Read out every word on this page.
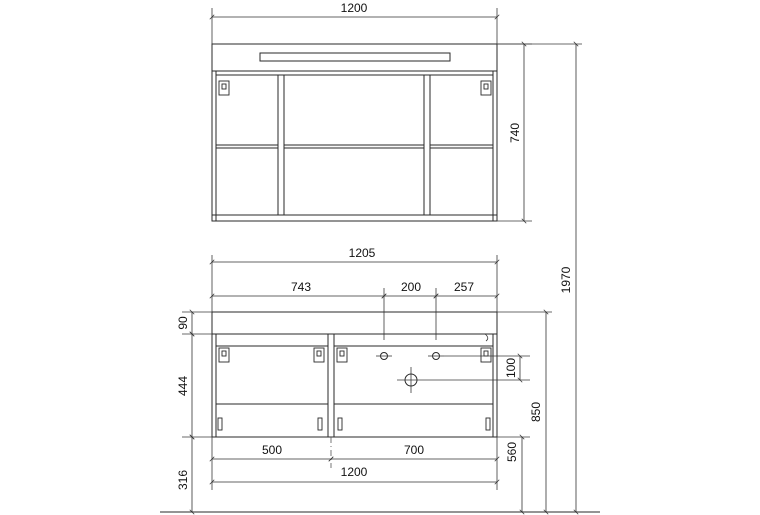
1200
740
1970
1205
743	200	257
100
90
444
316
500	700
1200
560
850
